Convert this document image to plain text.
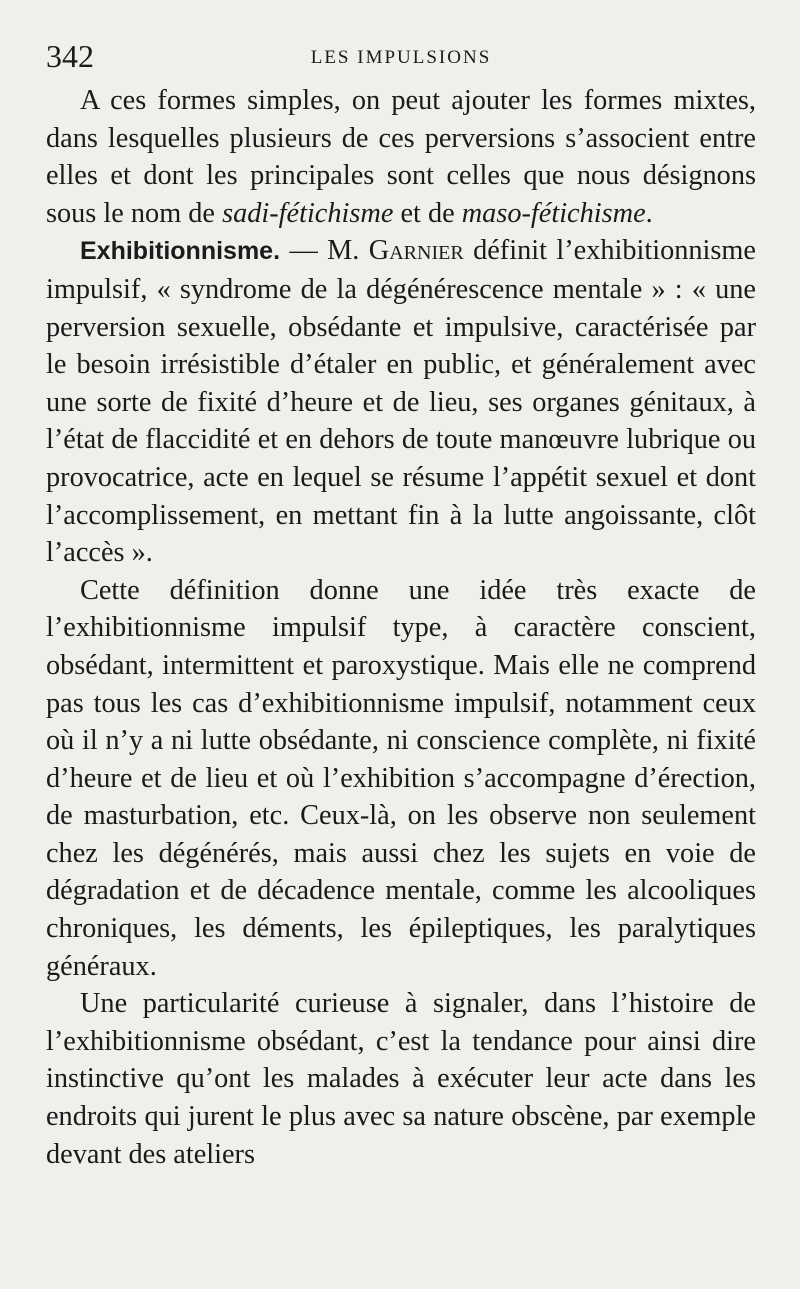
342	LES IMPULSIONS

A ces formes simples, on peut ajouter les formes mixtes, dans lesquelles plusieurs de ces perversions s’associent entre elles et dont les principales sont celles que nous désignons sous le nom de sadi-fétichisme et de maso-fétichisme.

Exhibitionnisme. — M. Garnier définit l’exhibitionnisme impulsif, « syndrome de la dégénérescence mentale » : « une perversion sexuelle, obsédante et impulsive, caractérisée par le besoin irrésistible d’étaler en public, et généralement avec une sorte de fixité d’heure et de lieu, ses organes génitaux, à l’état de flaccidité et en dehors de toute manœuvre lubrique ou provocatrice, acte en lequel se résume l’appétit sexuel et dont l’accomplissement, en mettant fin à la lutte angoissante, clôt l’accès ».

Cette définition donne une idée très exacte de l’exhibitionnisme impulsif type, à caractère conscient, obsédant, intermittent et paroxystique. Mais elle ne comprend pas tous les cas d’exhibitionnisme impulsif, notamment ceux où il n’y a ni lutte obsédante, ni conscience complète, ni fixité d’heure et de lieu et où l’exhibition s’accompagne d’érection, de masturbation, etc. Ceux-là, on les observe non seulement chez les dégénérés, mais aussi chez les sujets en voie de dégradation et de décadence mentale, comme les alcooliques chroniques, les déments, les épileptiques, les paralytiques généraux.

Une particularité curieuse à signaler, dans l’histoire de l’exhibitionnisme obsédant, c’est la tendance pour ainsi dire instinctive qu’ont les malades à exécuter leur acte dans les endroits qui jurent le plus avec sa nature obscène, par exemple devant des ateliers
